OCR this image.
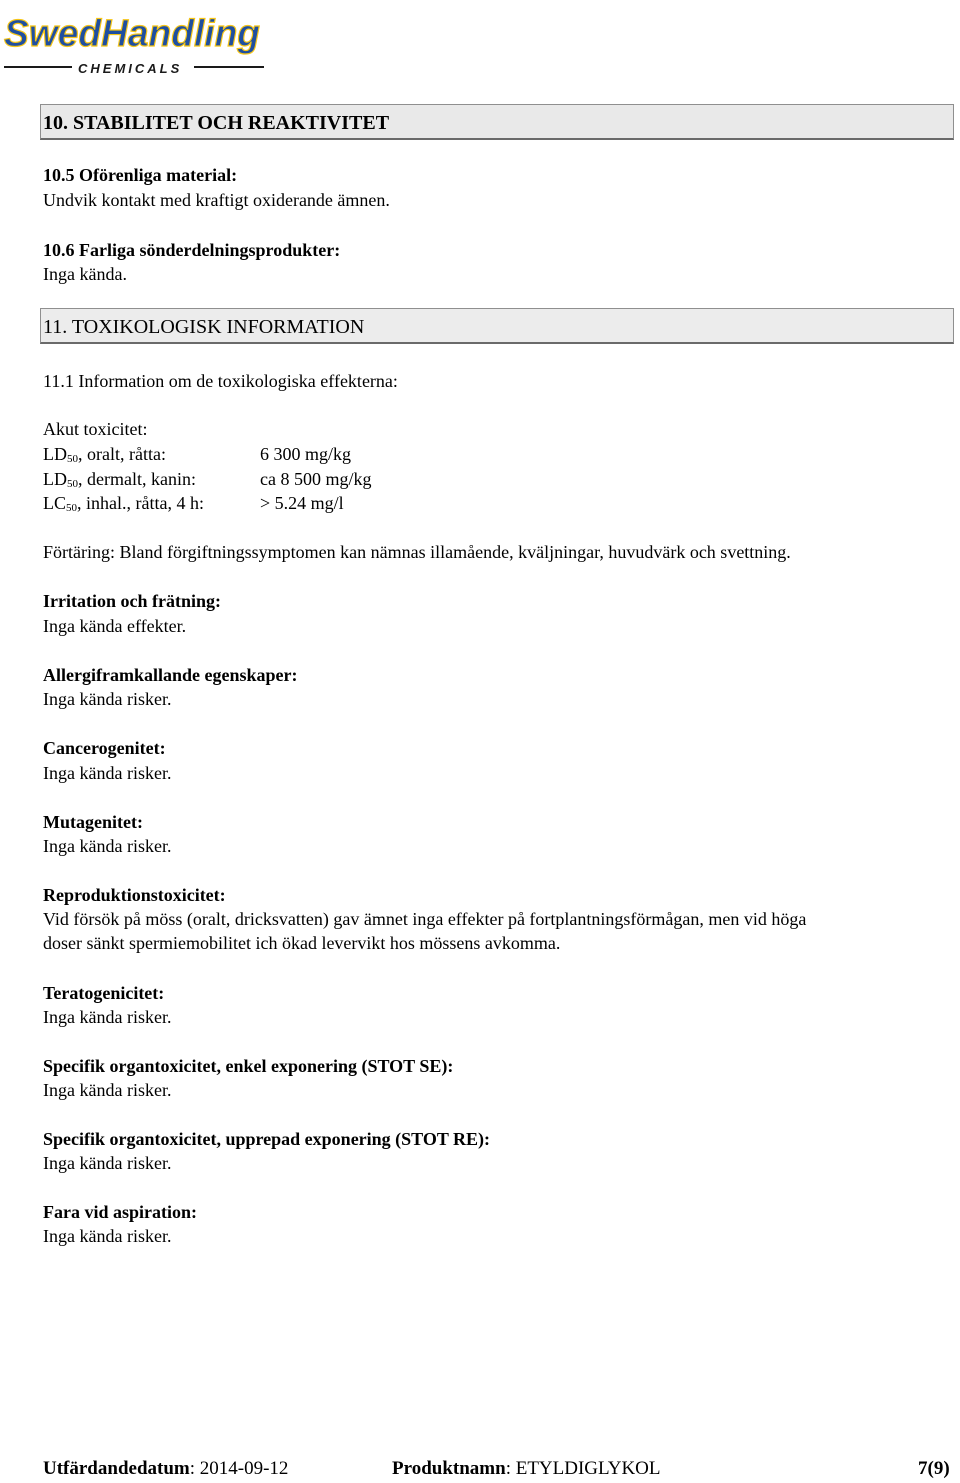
SwedHandling
CHEMICALS
10. STABILITET OCH REAKTIVITET
10.5 Oförenliga material:
Undvik kontakt med kraftigt oxiderande ämnen.
10.6 Farliga sönderdelningsprodukter:
Inga kända.
11. TOXIKOLOGISK INFORMATION
11.1 Information om de toxikologiska effekterna:
Akut toxicitet:
$LD_{50}$, oralt, råtta:	6 300 mg/kg
$LD_{50}$, dermalt, kanin:	ca 8 500 mg/kg
$LC_{50}$, inhal., råtta, 4 h:	> 5.24 mg/l
Förtäring: Bland förgiftningssymptomen kan nämnas illamående, kväljningar, huvudvärk och svettning.
Irritation och frätning:
Inga kända effekter.
Allergiframkallande egenskaper:
Inga kända risker.
Cancerogenitet:
Inga kända risker.
Mutagenitet:
Inga kända risker.
Reproduktionstoxicitet:
Vid försök på möss (oralt, dricksvatten) gav ämnet inga effekter på fortplantningsförmågan, men vid höga
doser sänkt spermiemobilitet ich ökad levervikt hos mössens avkomma.
Teratogenicitet:
Inga kända risker.
Specifik organtoxicitet, enkel exponering (STOT SE):
Inga kända risker.
Specifik organtoxicitet, upprepad exponering (STOT RE):
Inga kända risker.
Fara vid aspiration:
Inga kända risker.
Utfärdandedatum: 2014-09-12	Produktnamn: ETYLDIGLYKOL	7(9)
